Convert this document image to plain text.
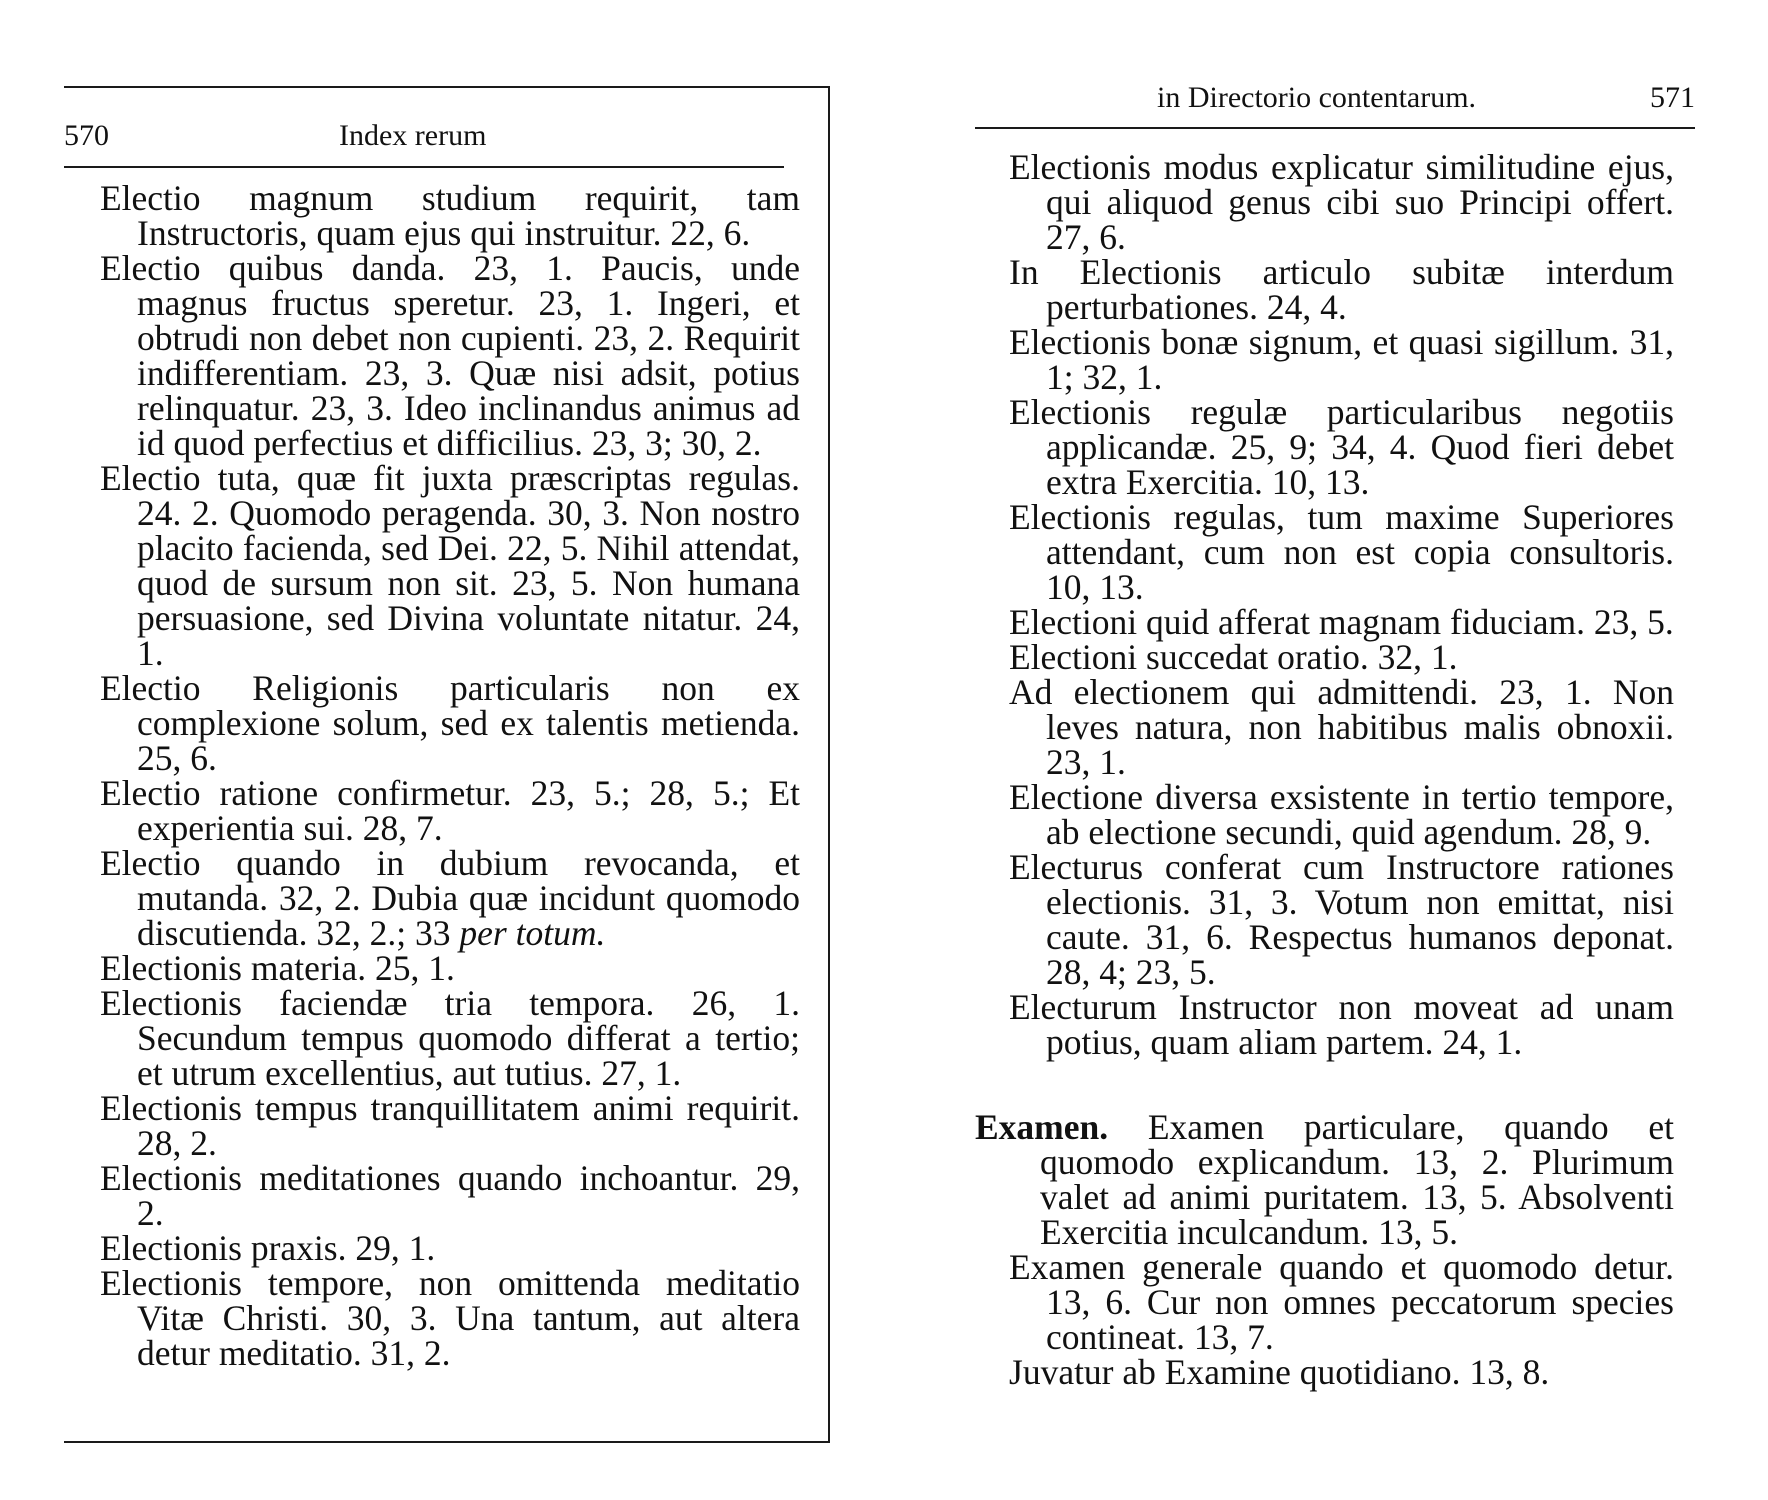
570	Index rerum

Electio magnum studium requirit, tam Instructoris, quam ejus qui instruitur. 22, 6.

Electio quibus danda. 23, 1. Paucis, unde magnus fructus speretur. 23, 1. Ingeri, et obtrudi non debet non cupienti. 23, 2. Requirit indifferentiam. 23, 3. Quæ nisi adsit, potius relinquatur. 23, 3. Ideo inclinandus animus ad id quod perfectius et difficilius. 23, 3; 30, 2.

Electio tuta, quæ fit juxta præscriptas regulas. 24. 2. Quomodo peragenda. 30, 3. Non nostro placito facienda, sed Dei. 22, 5. Nihil attendat, quod de sursum non sit. 23, 5. Non humana persuasione, sed Divina voluntate nitatur. 24, 1.

Electio Religionis particularis non ex complexione solum, sed ex talentis metienda. 25, 6.

Electio ratione confirmetur. 23, 5.; 28, 5.; Et experientia sui. 28, 7.

Electio quando in dubium revocanda, et mutanda. 32, 2. Dubia quæ incidunt quomodo discutienda. 32, 2.; 33 per totum.

Electionis materia. 25, 1.

Electionis faciendæ tria tempora. 26, 1. Secundum tempus quomodo differat a tertio; et utrum excellentius, aut tutius. 27, 1.

Electionis tempus tranquillitatem animi requirit. 28, 2.

Electionis meditationes quando inchoantur. 29, 2.

Electionis praxis. 29, 1.

Electionis tempore, non omittenda meditatio Vitæ Christi. 30, 3. Una tantum, aut altera detur meditatio. 31, 2.

in Directorio contentarum.	571

Electionis modus explicatur similitudine ejus, qui aliquod genus cibi suo Principi offert. 27, 6.

In Electionis articulo subitæ interdum perturbationes. 24, 4.

Electionis bonæ signum, et quasi sigillum. 31, 1; 32, 1.

Electionis regulæ particularibus negotiis applicandæ. 25, 9; 34, 4. Quod fieri debet extra Exercitia. 10, 13.

Electionis regulas, tum maxime Superiores attendant, cum non est copia consultoris. 10, 13.

Electioni quid afferat magnam fiduciam. 23, 5.

Electioni succedat oratio. 32, 1.

Ad electionem qui admittendi. 23, 1. Non leves natura, non habitibus malis obnoxii. 23, 1.

Electione diversa exsistente in tertio tempore, ab electione secundi, quid agendum. 28, 9.

Electurus conferat cum Instructore rationes electionis. 31, 3. Votum non emittat, nisi caute. 31, 6. Respectus humanos deponat. 28, 4; 23, 5.

Electurum Instructor non moveat ad unam potius, quam aliam partem. 24, 1.

Examen. Examen particulare, quando et quomodo explicandum. 13, 2. Plurimum valet ad animi puritatem. 13, 5. Absolventi Exercitia inculcandum. 13, 5.

Examen generale quando et quomodo detur. 13, 6. Cur non omnes peccatorum species contineat. 13, 7.

Juvatur ab Examine quotidiano. 13, 8.
